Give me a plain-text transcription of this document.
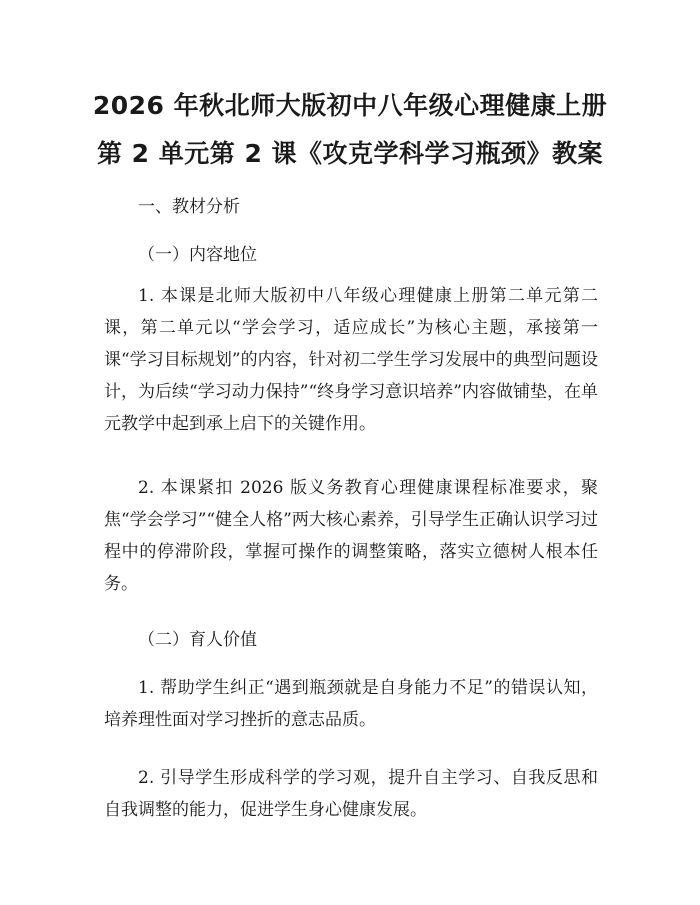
2026 年秋北师大版初中八年级心理健康上册
第 2 单元第 2 课《攻克学科学习瓶颈》教案

一、教材分析

（一）内容地位

1. 本课是北师大版初中八年级心理健康上册第二单元第二课，第二单元以“学会学习，适应成长”为核心主题，承接第一课“学习目标规划”的内容，针对初二学生学习发展中的典型问题设计，为后续“学习动力保持”“终身学习意识培养”内容做铺垫，在单元教学中起到承上启下的关键作用。

2. 本课紧扣 2026 版义务教育心理健康课程标准要求，聚焦“学会学习”“健全人格”两大核心素养，引导学生正确认识学习过程中的停滞阶段，掌握可操作的调整策略，落实立德树人根本任务。

（二）育人价值

1. 帮助学生纠正“遇到瓶颈就是自身能力不足”的错误认知，培养理性面对学习挫折的意志品质。

2. 引导学生形成科学的学习观，提升自主学习、自我反思和自我调整的能力，促进学生身心健康发展。
